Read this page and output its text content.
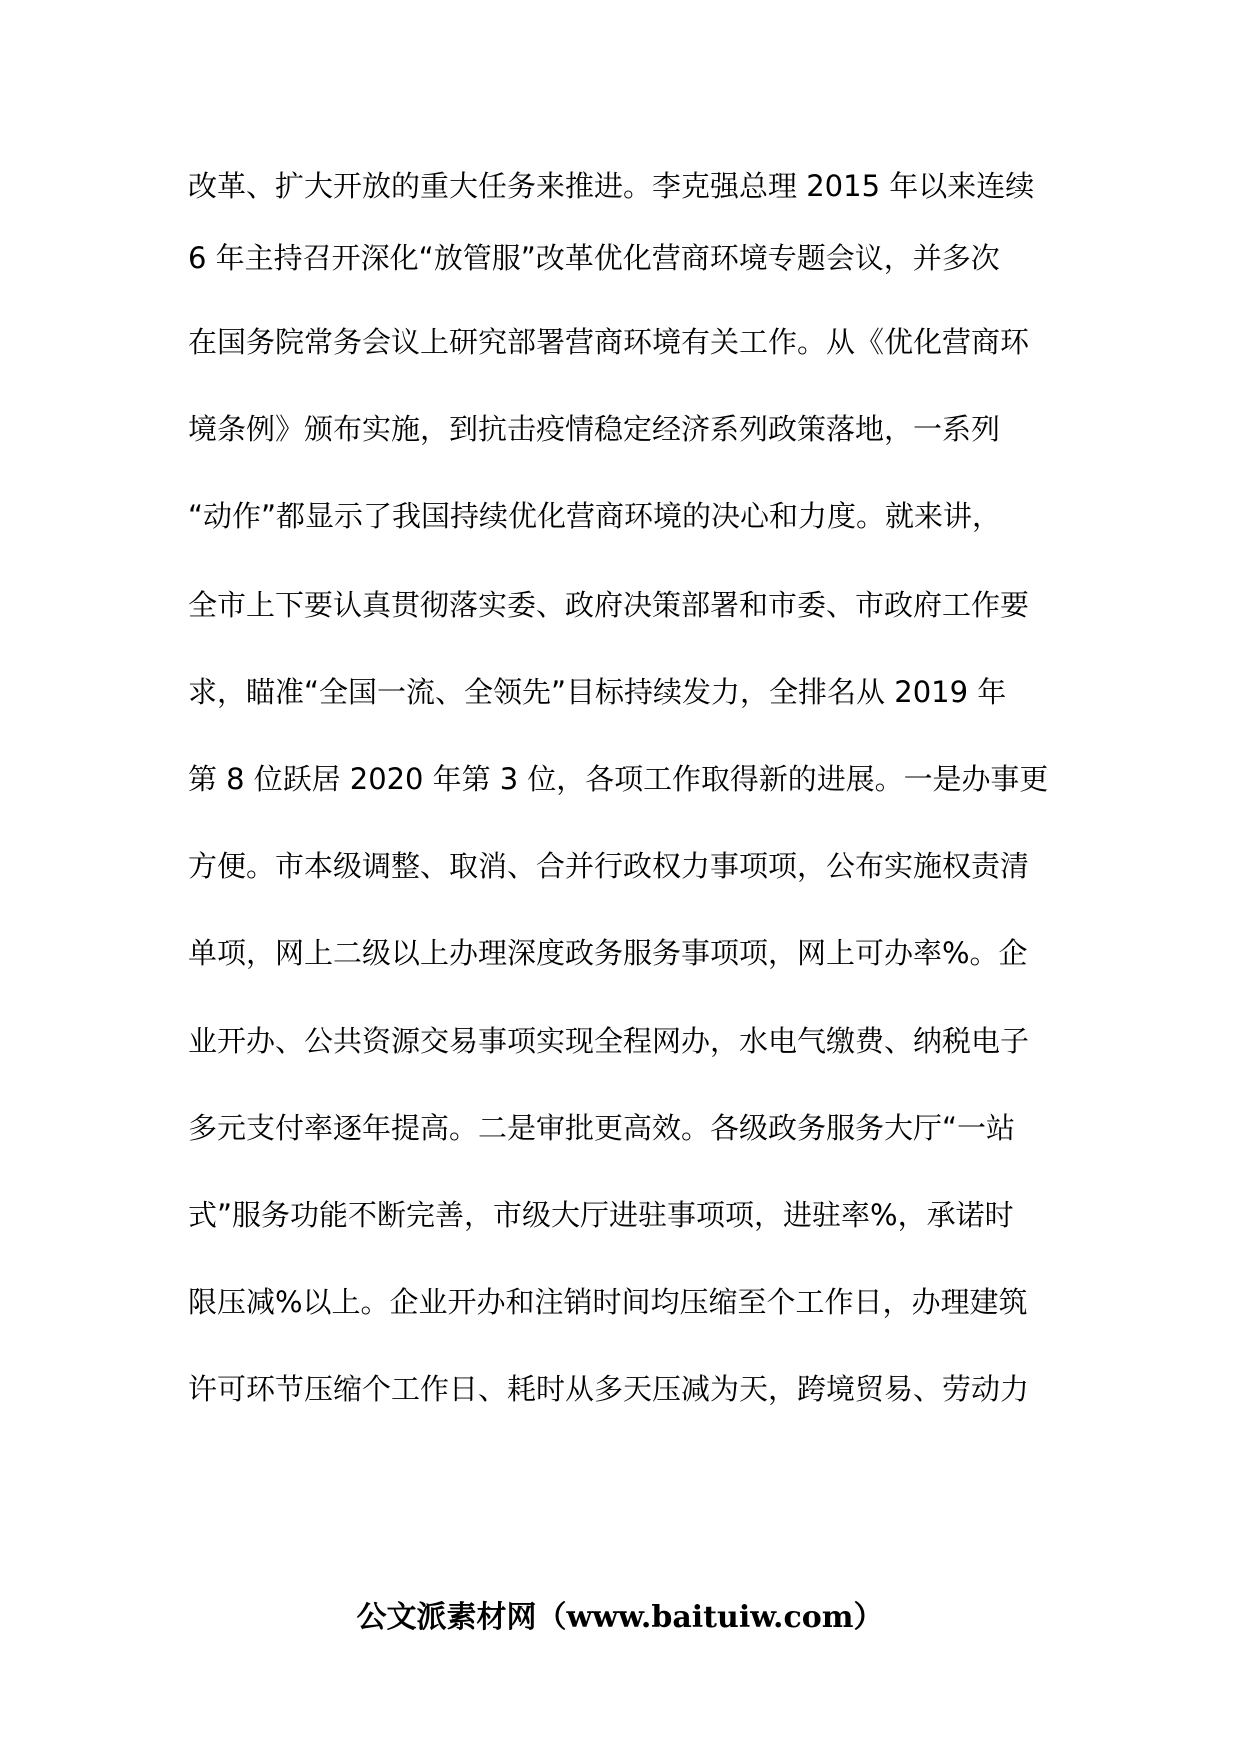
改革、扩大开放的重大任务来推进。李克强总理 2015 年以来连续
6 年主持召开深化“放管服”改革优化营商环境专题会议，并多次
在国务院常务会议上研究部署营商环境有关工作。从《优化营商环
境条例》颁布实施，到抗击疫情稳定经济系列政策落地，一系列
“动作”都显示了我国持续优化营商环境的决心和力度。就来讲，
全市上下要认真贯彻落实委、政府决策部署和市委、市政府工作要
求，瞄准“全国一流、全领先”目标持续发力，全排名从 2019 年
第 8 位跃居 2020 年第 3 位，各项工作取得新的进展。一是办事更
方便。市本级调整、取消、合并行政权力事项项，公布实施权责清
单项，网上二级以上办理深度政务服务事项项，网上可办率%。企
业开办、公共资源交易事项实现全程网办，水电气缴费、纳税电子
多元支付率逐年提高。二是审批更高效。各级政务服务大厅“一站
式”服务功能不断完善，市级大厅进驻事项项，进驻率%，承诺时
限压减%以上。企业开办和注销时间均压缩至个工作日，办理建筑
许可环节压缩个工作日、耗时从多天压减为天，跨境贸易、劳动力
公文派素材网（www.baituiw.com）
